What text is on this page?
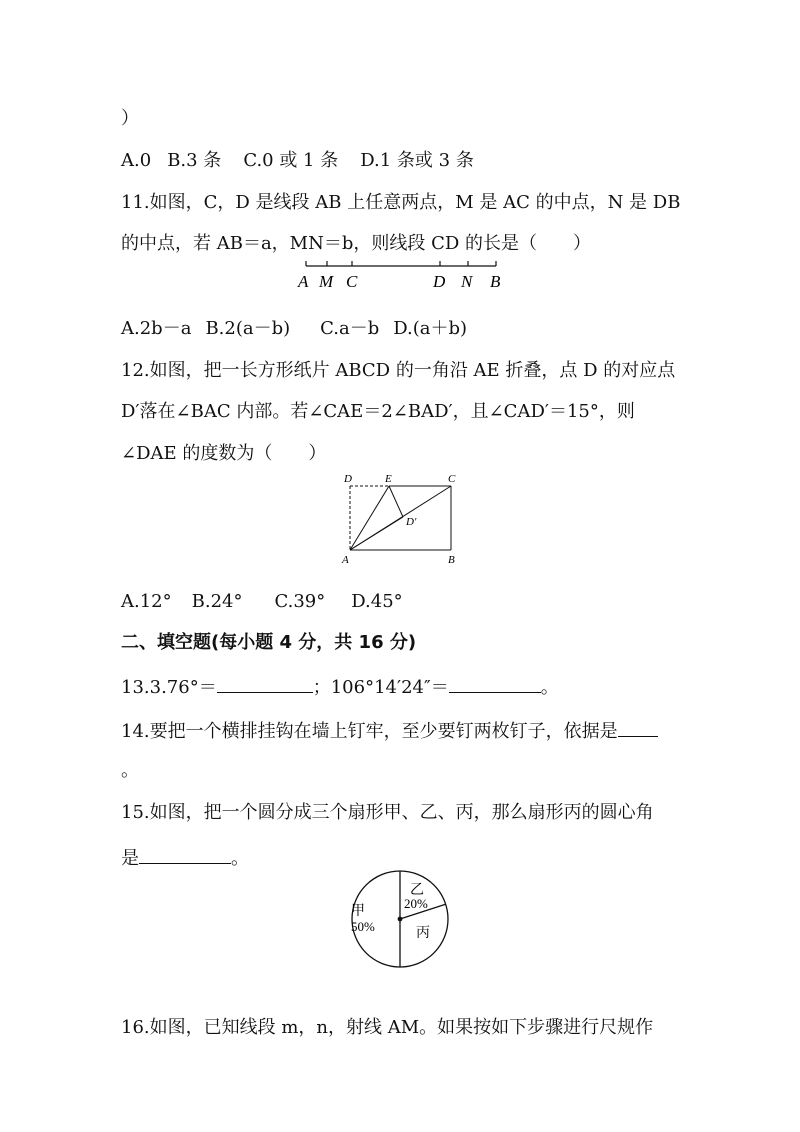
）
A.0 B.3 条 C.0 或 1 条 D.1 条或 3 条
11.如图，C，D 是线段 AB 上任意两点，M 是 AC 的中点，N 是 DB
的中点，若 AB＝a，MN＝b，则线段 CD 的长是（　　）
A M C	D N B
A.2b－a B.2(a－b) C.a－b D.(a＋b)
12.如图，把一长方形纸片 ABCD 的一角沿 AE 折叠，点 D 的对应点
D′落在∠BAC 内部。若∠CAE＝2∠BAD′，且∠CAD′＝15°，则
∠DAE 的度数为（　　）
D	E	C
D′
A	B
A.12° B.24° C.39° D.45°
二、填空题(每小题 4 分，共 16 分)
13.3.76°＝	；106°14′24″＝	。
14.要把一个横排挂钩在墙上钉牢，至少要钉两枚钉子，依据是
。
15.如图，把一个圆分成三个扇形甲、乙、丙，那么扇形丙的圆心角
是	。
甲
50%
乙
20%
丙
16.如图，已知线段 m，n，射线 AM。如果按如下步骤进行尺规作
